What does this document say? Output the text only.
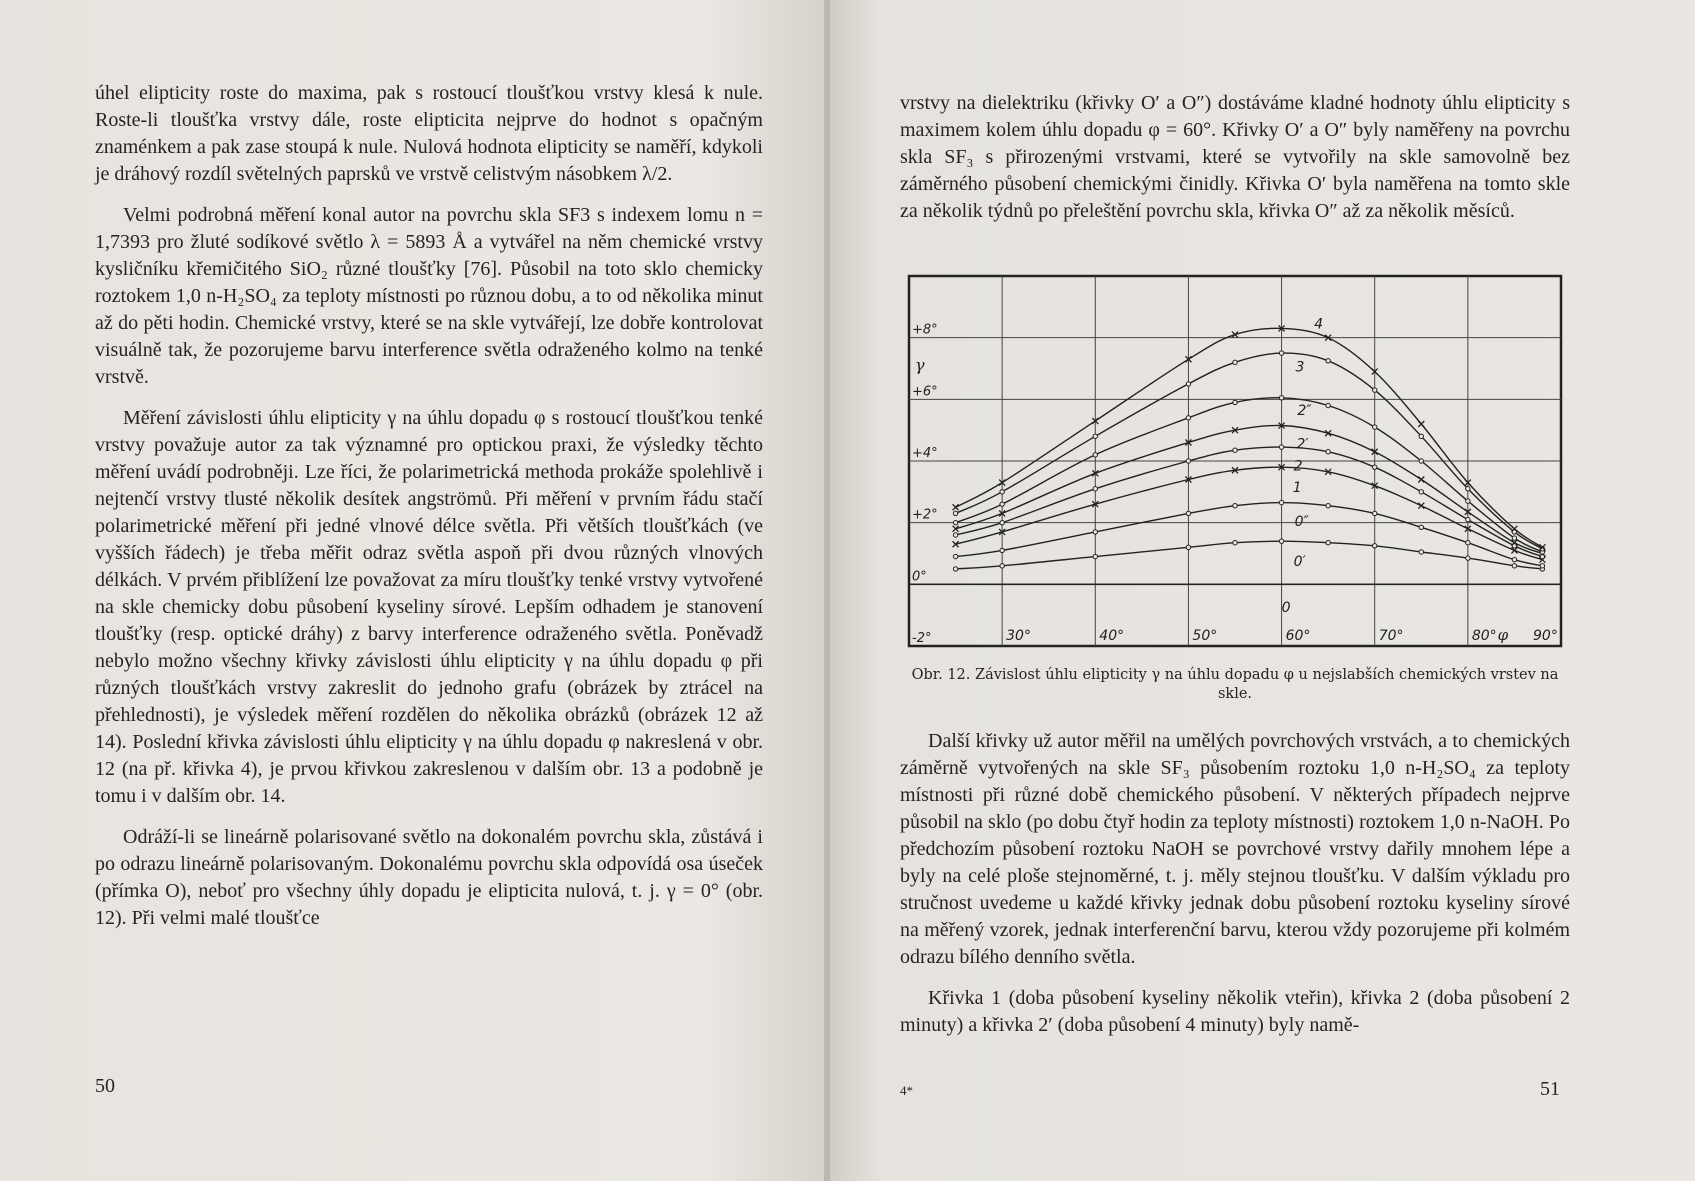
úhel elipticity roste do maxima, pak s rostoucí tloušťkou vrstvy klesá k nule. Roste-li tloušťka vrstvy dále, roste elipticita nejprve do hodnot s opačným znaménkem a pak zase stoupá k nule. Nulová hodnota elipticity se naměří, kdykoli je dráhový rozdíl světelných paprsků ve vrstvě celistvým násobkem λ/2.

Velmi podrobná měření konal autor na povrchu skla SF3 s indexem lomu n = 1,7393 pro žluté sodíkové světlo λ = 5893 Å a vytvářel na něm chemické vrstvy kysličníku křemičitého SiO₂ různé tloušťky [76]. Působil na toto sklo chemicky roztokem 1,0 n-H₂SO₄ za teploty místnosti po různou dobu, a to od několika minut až do pěti hodin. Chemické vrstvy, které se na skle vytvářejí, lze dobře kontrolovat visuálně tak, že pozorujeme barvu interference světla odraženého kolmo na tenké vrstvě.

Měření závislosti úhlu elipticity γ na úhlu dopadu φ s rostoucí tloušťkou tenké vrstvy považuje autor za tak významné pro optickou praxi, že výsledky těchto měření uvádí podrobněji. Lze říci, že polarimetrická methoda prokáže spolehlivě i nejtenčí vrstvy tlusté několik desítek angströmů. Při měření v prvním řádu stačí polarimetrické měření při jedné vlnové délce světla. Při větších tloušťkách (ve vyšších řádech) je třeba měřit odraz světla aspoň při dvou různých vlnových délkách. V prvém přiblížení lze považovat za míru tloušťky tenké vrstvy vytvořené na skle chemicky dobu působení kyseliny sírové. Lepším odhadem je stanovení tloušťky (resp. optické dráhy) z barvy interference odraženého světla. Poněvadž nebylo možno všechny křivky závislosti úhlu elipticity γ na úhlu dopadu φ při různých tloušťkách vrstvy zakreslit do jednoho grafu (obrázek by ztrácel na přehlednosti), je výsledek měření rozdělen do několika obrázků (obrázek 12 až 14). Poslední křivka závislosti úhlu elipticity γ na úhlu dopadu φ nakreslená v obr. 12 (na př. křivka 4), je prvou křivkou zakreslenou v dalším obr. 13 a podobně je tomu i v dalším obr. 14.

Odráží-li se lineárně polarisované světlo na dokonalém povrchu skla, zůstává i po odrazu lineárně polarisovaným. Dokonalému povrchu skla odpovídá osa úseček (přímka O), neboť pro všechny úhly dopadu je elipticita nulová, t. j. γ = 0° (obr. 12). Při velmi malé tloušťce

50

vrstvy na dielektriku (křivky O′ a O″) dostáváme kladné hodnoty úhlu elipticity s maximem kolem úhlu dopadu φ = 60°. Křivky O′ a O″ byly naměřeny na povrchu skla SF₃ s přirozenými vrstvami, které se vytvořily na skle samovolně bez záměrného působení chemickými činidly. Křivka O′ byla naměřena na tomto skle za několik týdnů po přeleštění povrchu skla, křivka O″ až za několik měsíců.

30°	40°	50°	60°	70°	80°	90°
-2°
0°
+2°
+4°
+6°
+8°
γ
φ
0
0′
0″
1
2
2′
2″
3
4
Obr. 12. Závislost úhlu elipticity γ na úhlu dopadu φ u nejslabších chemických vrstev na skle.

Další křivky už autor měřil na umělých povrchových vrstvách, a to chemických záměrně vytvořených na skle SF₃ působením roztoku 1,0 n-H₂SO₄ za teploty místnosti při různé době chemického působení. V některých případech nejprve působil na sklo (po dobu čtyř hodin za teploty místnosti) roztokem 1,0 n-NaOH. Po předchozím působení roztoku NaOH se povrchové vrstvy dařily mnohem lépe a byly na celé ploše stejnoměrné, t. j. měly stejnou tloušťku. V dalším výkladu pro stručnost uvedeme u každé křivky jednak dobu působení roztoku kyseliny sírové na měřený vzorek, jednak interferenční barvu, kterou vždy pozorujeme při kolmém odrazu bílého denního světla.

Křivka 1 (doba působení kyseliny několik vteřin), křivka 2 (doba působení 2 minuty) a křivka 2′ (doba působení 4 minuty) byly namě-

4*	51
